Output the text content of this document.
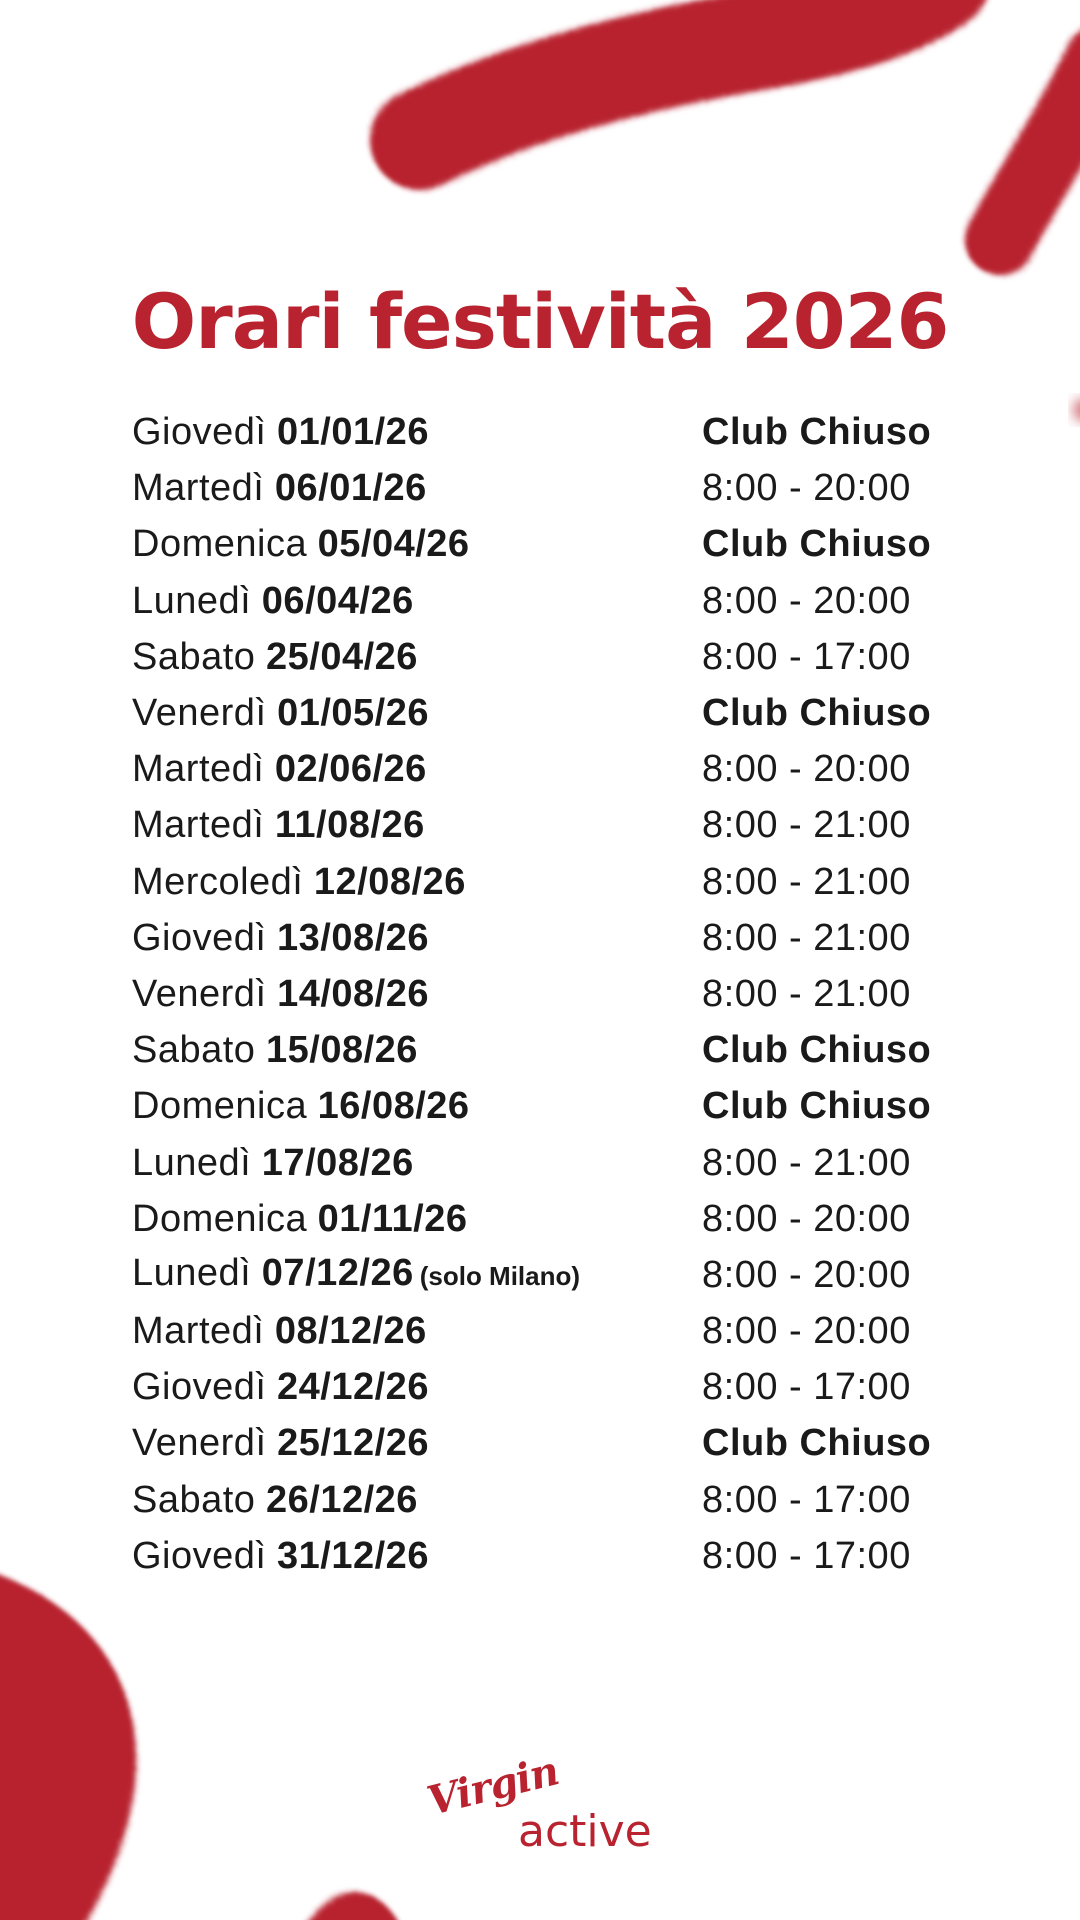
Orari festività 2026
Giovedì 01/01/26	Club Chiuso
Martedì 06/01/26	8:00 - 20:00
Domenica 05/04/26	Club Chiuso
Lunedì 06/04/26	8:00 - 20:00
Sabato 25/04/26	8:00 - 17:00
Venerdì 01/05/26	Club Chiuso
Martedì 02/06/26	8:00 - 20:00
Martedì 11/08/26	8:00 - 21:00
Mercoledì 12/08/26	8:00 - 21:00
Giovedì 13/08/26	8:00 - 21:00
Venerdì 14/08/26	8:00 - 21:00
Sabato 15/08/26	Club Chiuso
Domenica 16/08/26	Club Chiuso
Lunedì 17/08/26	8:00 - 21:00
Domenica 01/11/26	8:00 - 20:00
Lunedì 07/12/26 (solo Milano)	8:00 - 20:00
Martedì 08/12/26	8:00 - 20:00
Giovedì 24/12/26	8:00 - 17:00
Venerdì 25/12/26	Club Chiuso
Sabato 26/12/26	8:00 - 17:00
Giovedì 31/12/26	8:00 - 17:00
Virgin
active
